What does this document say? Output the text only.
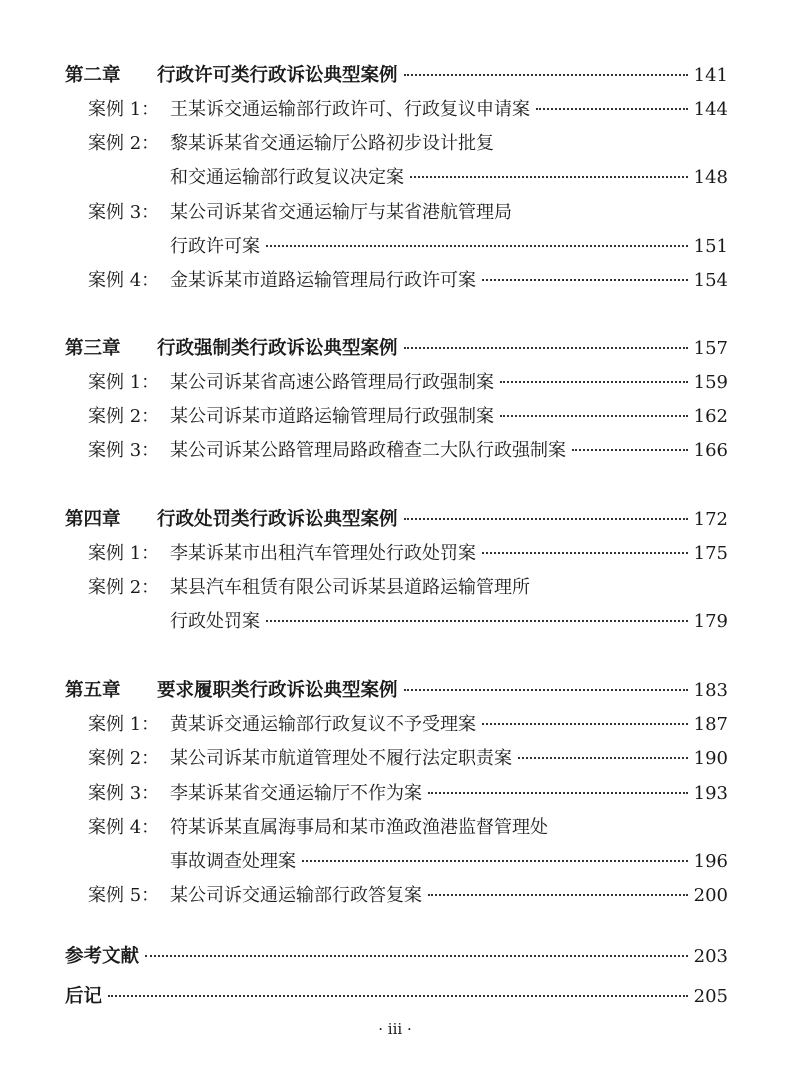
第二章	行政许可类行政诉讼典型案例	141
案例 1： 王某诉交通运输部行政许可、行政复议申请案	144
案例 2： 黎某诉某省交通运输厅公路初步设计批复
和交通运输部行政复议决定案	148
案例 3： 某公司诉某省交通运输厅与某省港航管理局
行政许可案	151
案例 4： 金某诉某市道路运输管理局行政许可案	154
第三章	行政强制类行政诉讼典型案例	157
案例 1： 某公司诉某省高速公路管理局行政强制案	159
案例 2： 某公司诉某市道路运输管理局行政强制案	162
案例 3： 某公司诉某公路管理局路政稽查二大队行政强制案	166
第四章	行政处罚类行政诉讼典型案例	172
案例 1： 李某诉某市出租汽车管理处行政处罚案	175
案例 2： 某县汽车租赁有限公司诉某县道路运输管理所
行政处罚案	179
第五章	要求履职类行政诉讼典型案例	183
案例 1： 黄某诉交通运输部行政复议不予受理案	187
案例 2： 某公司诉某市航道管理处不履行法定职责案	190
案例 3： 李某诉某省交通运输厅不作为案	193
案例 4： 符某诉某直属海事局和某市渔政渔港监督管理处
事故调查处理案	196
案例 5： 某公司诉交通运输部行政答复案	200
参考文献	203
后记	205
· iii ·
